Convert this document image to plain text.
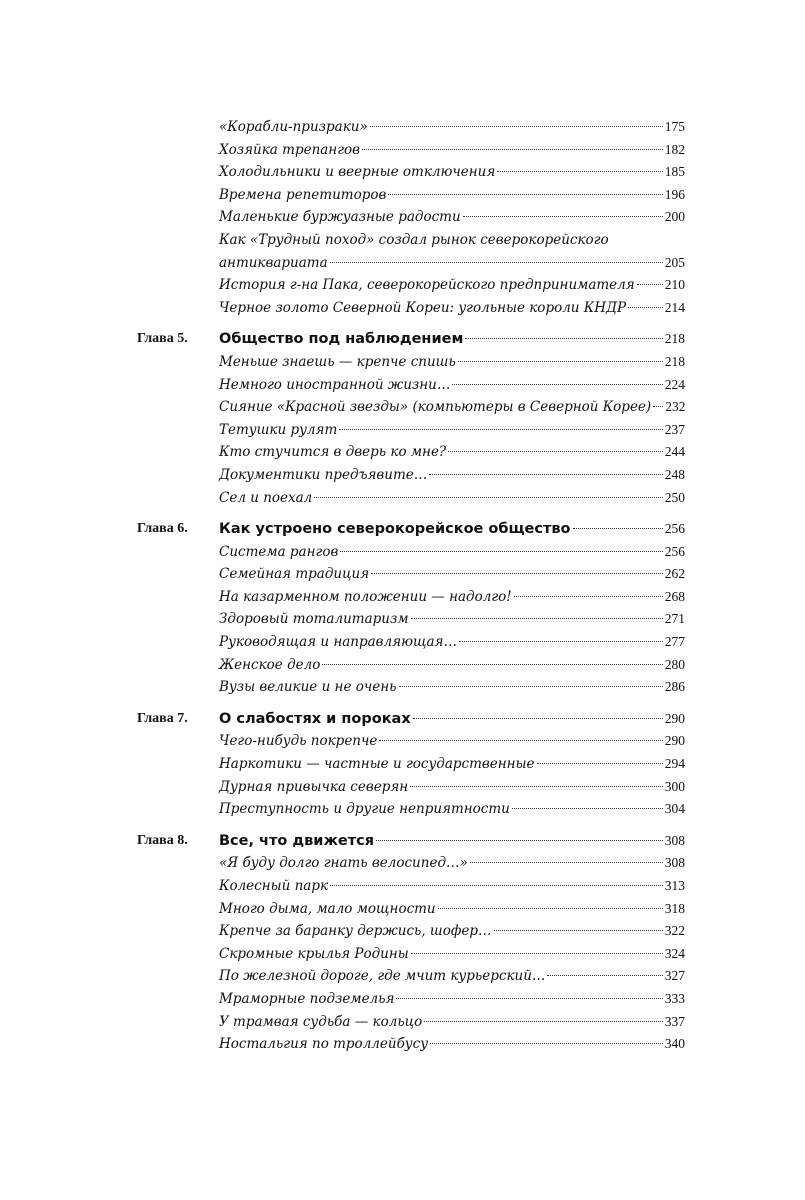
«Корабли-призраки»	175
Хозяйка трепангов	182
Холодильники и веерные отключения	185
Времена репетиторов	196
Маленькие буржуазные радости	200
Как «Трудный поход» создал рынок северокорейского
антиквариата	205
История г-на Пака, северокорейского предпринимателя 210
Черное золото Северной Кореи: угольные короли КНДР	214
Глава 5. Общество под наблюдением	218
Меньше знаешь — крепче спишь	218
Немного иностранной жизни…	224
Сияние «Красной звезды» (компьютеры в Северной Корее) 232
Тетушки рулят	237
Кто стучится в дверь ко мне?	244
Документики предъявите…	248
Сел и поехал	250
Глава 6. Как устроено северокорейское общество	256
Система рангов	256
Семейная традиция	262
На казарменном положении — надолго!	268
Здоровый тоталитаризм	271
Руководящая и направляющая…	277
Женское дело	280
Вузы великие и не очень	286
Глава 7. О слабостях и пороках	290
Чего-нибудь покрепче	290
Наркотики — частные и государственные	294
Дурная привычка северян	300
Преступность и другие неприятности	304
Глава 8. Все, что движется	308
«Я буду долго гнать велосипед…»	308
Колесный парк	313
Много дыма, мало мощности	318
Крепче за баранку держись, шофер…	322
Скромные крылья Родины	324
По железной дороге, где мчит курьерский…	327
Мраморные подземелья	333
У трамвая судьба — кольцо	337
Ностальгия по троллейбусу	340
